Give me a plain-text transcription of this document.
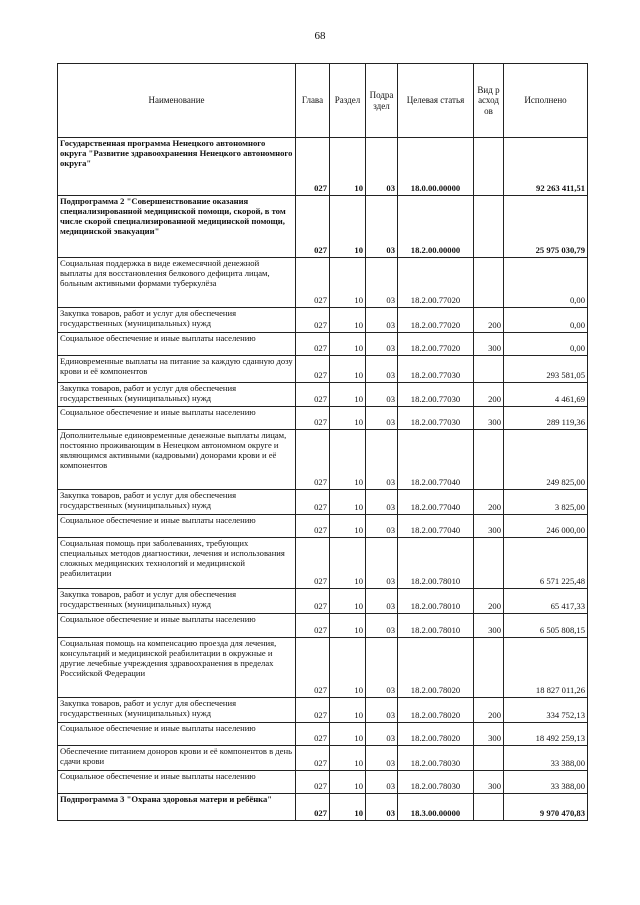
68
Наименование	Глава	Раздел	Подраздел	Целевая статья	Вид расходов	Исполнено
Государственная программа Ненецкого автономного округа "Развитие здравоохранения Ненецкого автономного округа"	027	10	03	18.0.00.00000		92 263 411,51
Подпрограмма 2 "Совершенствование оказания специализированной медицинской помощи, скорой, в том числе скорой специализированной медицинской помощи, медицинской эвакуации"	027	10	03	18.2.00.00000		25 975 030,79
Социальная поддержка в виде ежемесячной денежной выплаты для восстановления белкового дефицита лицам, больным активными формами туберкулёза	027	10	03	18.2.00.77020		0,00
Закупка товаров, работ и услуг для обеспечения государственных (муниципальных) нужд	027	10	03	18.2.00.77020	200	0,00
Социальное обеспечение и иные выплаты населению	027	10	03	18.2.00.77020	300	0,00
Единовременные выплаты на питание за каждую сданную дозу крови и её компонентов	027	10	03	18.2.00.77030		293 581,05
Закупка товаров, работ и услуг для обеспечения государственных (муниципальных) нужд	027	10	03	18.2.00.77030	200	4 461,69
Социальное обеспечение и иные выплаты населению	027	10	03	18.2.00.77030	300	289 119,36
Дополнительные единовременные денежные выплаты лицам, постоянно проживающим в Ненецком автономном округе и являющимся активными (кадровыми) донорами крови и её компонентов	027	10	03	18.2.00.77040		249 825,00
Закупка товаров, работ и услуг для обеспечения государственных (муниципальных) нужд	027	10	03	18.2.00.77040	200	3 825,00
Социальное обеспечение и иные выплаты населению	027	10	03	18.2.00.77040	300	246 000,00
Социальная помощь при заболеваниях, требующих специальных методов диагностики, лечения и использования сложных медицинских технологий и медицинской реабилитации	027	10	03	18.2.00.78010		6 571 225,48
Закупка товаров, работ и услуг для обеспечения государственных (муниципальных) нужд	027	10	03	18.2.00.78010	200	65 417,33
Социальное обеспечение и иные выплаты населению	027	10	03	18.2.00.78010	300	6 505 808,15
Социальная помощь на компенсацию проезда для лечения, консультаций и медицинской реабилитации в окружные и другие лечебные учреждения здравоохранения в пределах Российской Федерации	027	10	03	18.2.00.78020		18 827 011,26
Закупка товаров, работ и услуг для обеспечения государственных (муниципальных) нужд	027	10	03	18.2.00.78020	200	334 752,13
Социальное обеспечение и иные выплаты населению	027	10	03	18.2.00.78020	300	18 492 259,13
Обеспечение питанием доноров крови и её компонентов в день сдачи крови	027	10	03	18.2.00.78030		33 388,00
Социальное обеспечение и иные выплаты населению	027	10	03	18.2.00.78030	300	33 388,00
Подпрограмма 3 "Охрана здоровья матери и ребёнка"	027	10	03	18.3.00.00000		9 970 470,83
